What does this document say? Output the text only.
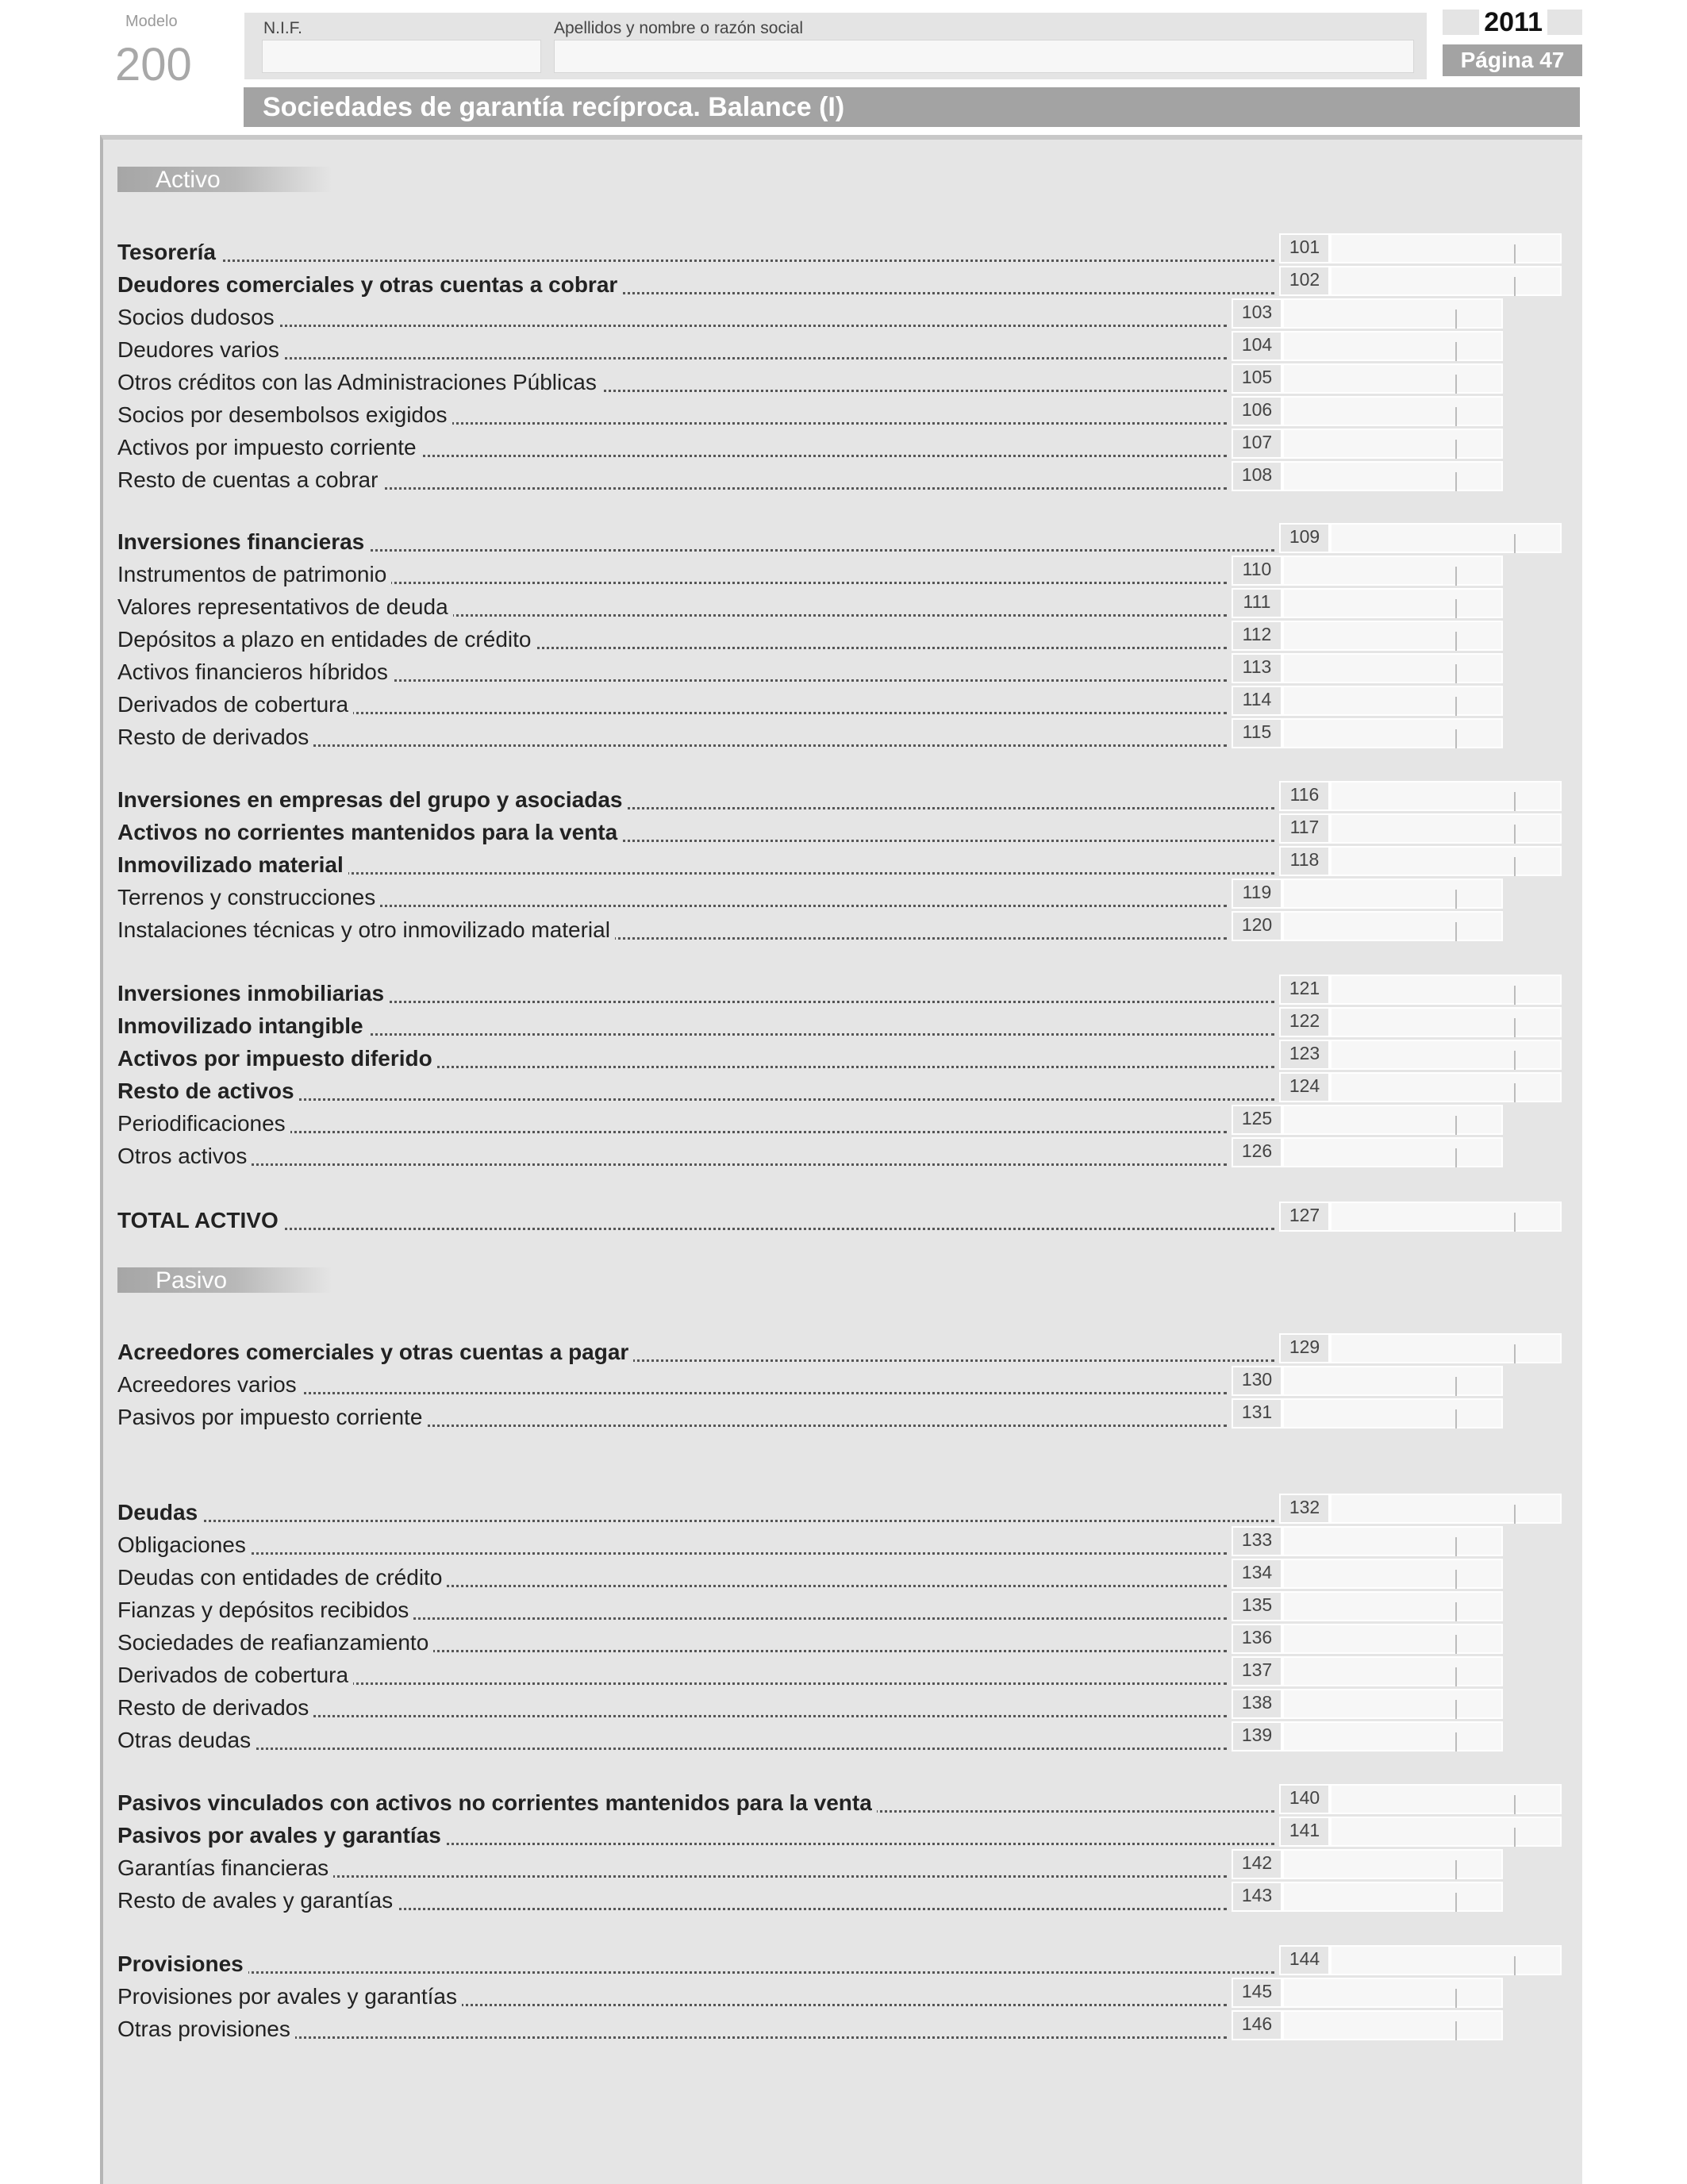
Modelo
200
N.I.F.	Apellidos y nombre o razón social	2011
Página 47
Sociedades de garantía recíproca. Balance (I)
Activo
Tesorería	101
Deudores comerciales y otras cuentas a cobrar	102
Socios dudosos	103
Deudores varios	104
Otros créditos con las Administraciones Públicas	105
Socios por desembolsos exigidos	106
Activos por impuesto corriente	107
Resto de cuentas a cobrar	108
Inversiones financieras	109
Instrumentos de patrimonio	110
Valores representativos de deuda	111
Depósitos a plazo en entidades de crédito	112
Activos financieros híbridos	113
Derivados de cobertura	114
Resto de derivados	115
Inversiones en empresas del grupo y asociadas	116
Activos no corrientes mantenidos para la venta	117
Inmovilizado material	118
Terrenos y construcciones	119
Instalaciones técnicas y otro inmovilizado material	120
Inversiones inmobiliarias	121
Inmovilizado intangible	122
Activos por impuesto diferido	123
Resto de activos	124
Periodificaciones	125
Otros activos	126
TOTAL ACTIVO	127
Pasivo
Acreedores comerciales y otras cuentas a pagar	129
Acreedores varios	130
Pasivos por impuesto corriente	131
Deudas	132
Obligaciones	133
Deudas con entidades de crédito	134
Fianzas y depósitos recibidos	135
Sociedades de reafianzamiento	136
Derivados de cobertura	137
Resto de derivados	138
Otras deudas	139
Pasivos vinculados con activos no corrientes mantenidos para la venta	140
Pasivos por avales y garantías	141
Garantías financieras	142
Resto de avales y garantías	143
Provisiones	144
Provisiones por avales y garantías	145
Otras provisiones	146
